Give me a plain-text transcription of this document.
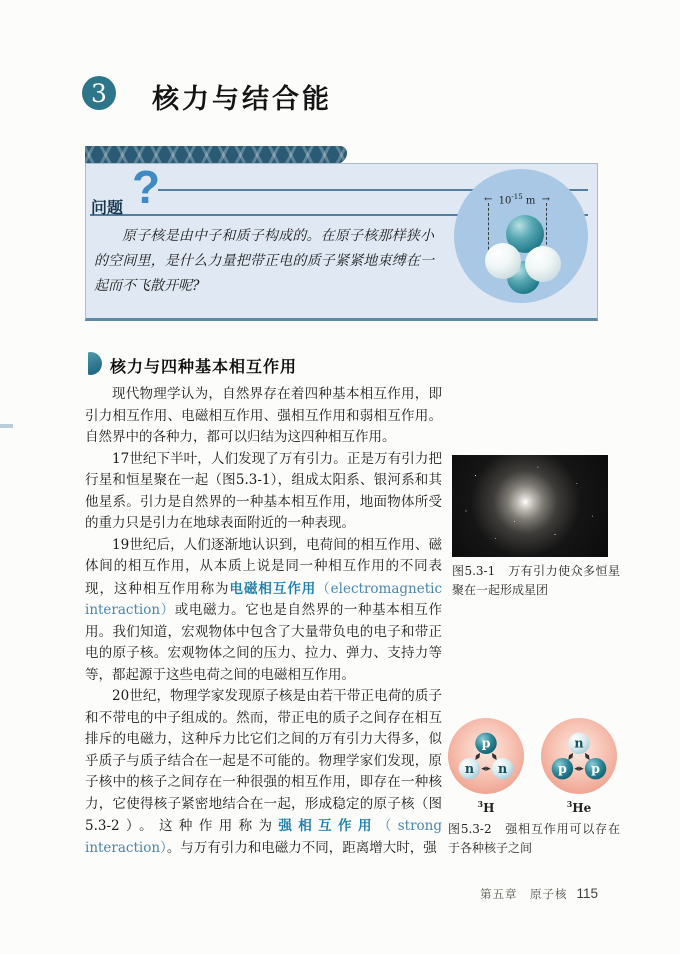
3	核力与结合能
问题 ?
原子核是由中子和质子构成的。在原子核那样狭小的空间里，是什么力量把带正电的质子紧紧地束缚在一起而不飞散开呢?
← $10^{-15}$ m →
核力与四种基本相互作用

现代物理学认为，自然界存在着四种基本相互作用，即引力相互作用、电磁相互作用、强相互作用和弱相互作用。自然界中的各种力，都可以归结为这四种相互作用。

17世纪下半叶，人们发现了万有引力。正是万有引力把行星和恒星聚在一起（图5.3-1），组成太阳系、银河系和其他星系。引力是自然界的一种基本相互作用，地面物体所受的重力只是引力在地球表面附近的一种表现。

19世纪后，人们逐渐地认识到，电荷间的相互作用、磁体间的相互作用，从本质上说是同一种相互作用的不同表现，这种相互作用称为电磁相互作用（electromagnetic interaction）或电磁力。它也是自然界的一种基本相互作用。我们知道，宏观物体中包含了大量带负电的电子和带正电的原子核。宏观物体之间的压力、拉力、弹力、支持力等等，都起源于这些电荷之间的电磁相互作用。

20世纪，物理学家发现原子核是由若干带正电荷的质子和不带电的中子组成的。然而，带正电的质子之间存在相互排斥的电磁力，这种斥力比它们之间的万有引力大得多，似乎质子与质子结合在一起是不可能的。物理学家们发现，原子核中的核子之间存在一种很强的相互作用，即存在一种核力，它使得核子紧密地结合在一起，形成稳定的原子核（图5.3-2）。这种作用称为强相互作用（strong interaction）。与万有引力和电磁力不同，距离增大时，强

图5.3-1　万有引力使众多恒星聚在一起形成星团
p
n n
n
p p
$^3$H	$^3$He
图5.3-2　强相互作用可以存在于各种核子之间
第五章　原子核 115
